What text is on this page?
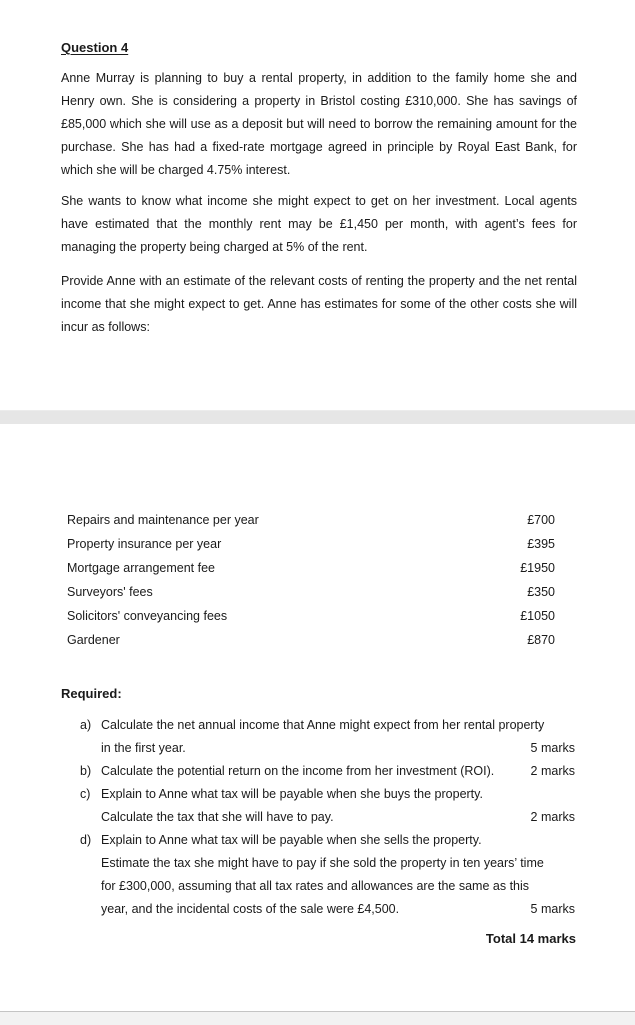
Question 4

Anne Murray is planning to buy a rental property, in addition to the family home she and Henry own. She is considering a property in Bristol costing £310,000. She has savings of £85,000 which she will use as a deposit but will need to borrow the remaining amount for the purchase. She has had a fixed-rate mortgage agreed in principle by Royal East Bank, for which she will be charged 4.75% interest.

She wants to know what income she might expect to get on her investment. Local agents have estimated that the monthly rent may be £1,450 per month, with agent’s fees for managing the property being charged at 5% of the rent.

Provide Anne with an estimate of the relevant costs of renting the property and the net rental income that she might expect to get. Anne has estimates for some of the other costs she will incur as follows:

Repairs and maintenance per year	£700
Property insurance per year	£395
Mortgage arrangement fee	£1950
Surveyors' fees	£350
Solicitors' conveyancing fees	£1050
Gardener	£870
Required:
a) Calculate the net annual income that Anne might expect from her rental property
in the first year.	5 marks
b) Calculate the potential return on the income from her investment (ROI).	2 marks
c) Explain to Anne what tax will be payable when she buys the property.
Calculate the tax that she will have to pay.	2 marks
d) Explain to Anne what tax will be payable when she sells the property.
Estimate the tax she might have to pay if she sold the property in ten years’ time
for £300,000, assuming that all tax rates and allowances are the same as this
year, and the incidental costs of the sale were £4,500.	5 marks
Total 14 marks
